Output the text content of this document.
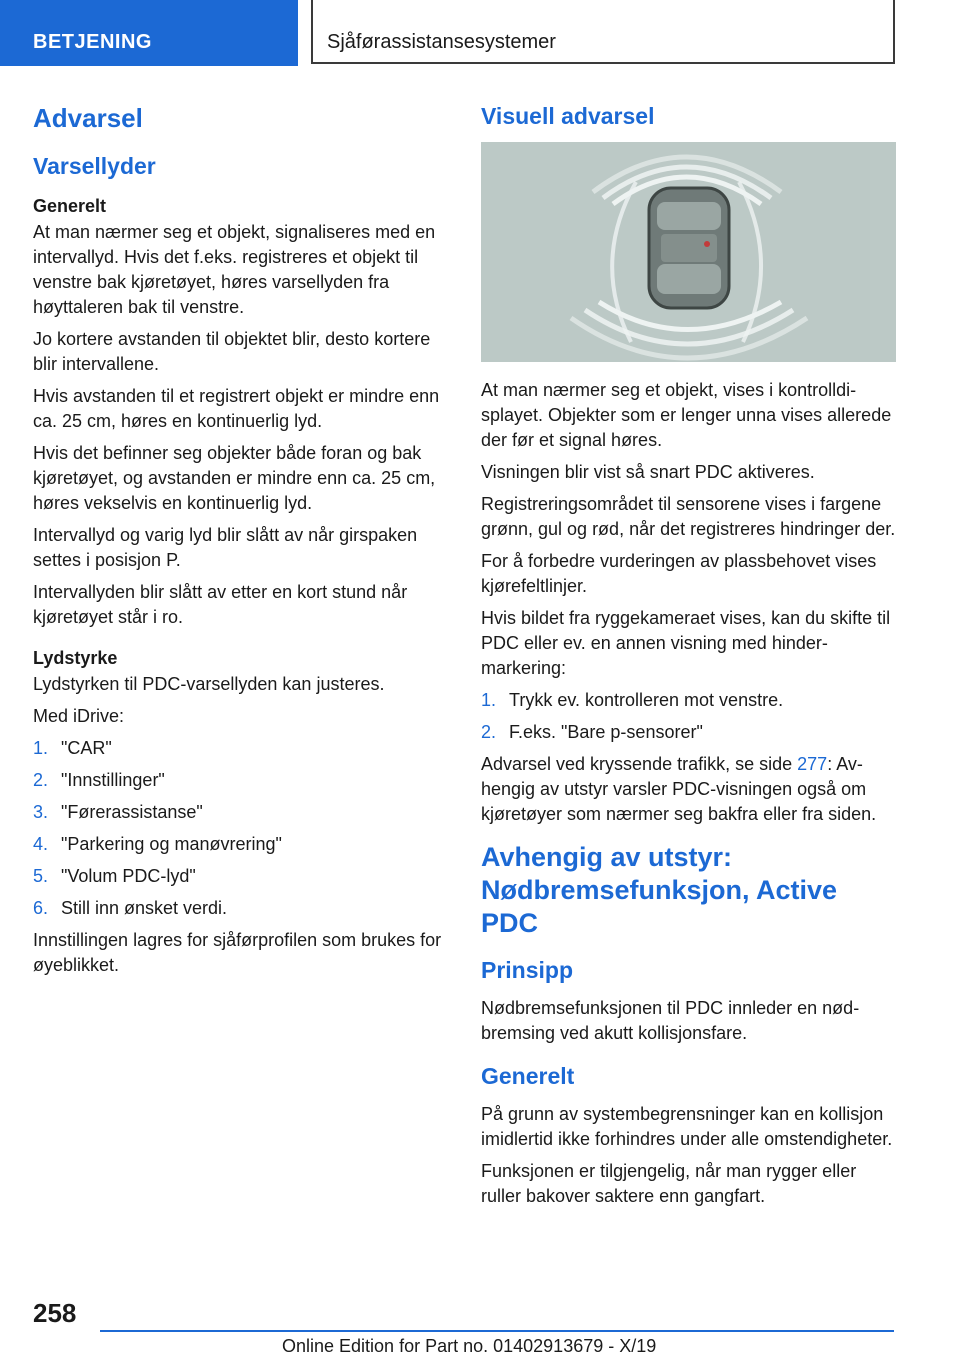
BETJENING	Sjåførassistansesystemer
Advarsel
Varsellyder
Generelt

At man nærmer seg et objekt, signaliseres med en intervallyd. Hvis det f.eks. registreres et objekt til venstre bak kjøretøyet, høres varsellyden fra høyttaleren bak til venstre.

Jo kortere avstanden til objektet blir, desto kortere blir intervallene.

Hvis avstanden til et registrert objekt er mindre enn ca. 25 cm, høres en kontinuerlig lyd.

Hvis det befinner seg objekter både foran og bak kjøretøyet, og avstanden er mindre enn ca. 25 cm, høres vekselvis en kontinuerlig lyd.

Intervallyd og varig lyd blir slått av når girspaken settes i posisjon P.

Intervallyden blir slått av etter en kort stund når kjøretøyet står i ro.

Lydstyrke

Lydstyrken til PDC-varsellyden kan justeres.

Med iDrive:

1. "CAR"
2. "Innstillinger"
3. "Førerassistanse"
4. "Parkering og manøvrering"
5. "Volum PDC-lyd"
6. Still inn ønsket verdi.

Innstillingen lagres for sjåførprofilen som brukes for øyeblikket.

Visuell advarsel

At man nærmer seg et objekt, vises i kontrolldisplayet. Objekter som er lenger unna vises allerede der før et signal høres.

Visningen blir vist så snart PDC aktiveres.

Registreringsområdet til sensorene vises i fargene grønn, gul og rød, når det registreres hindringer der.

For å forbedre vurderingen av plassbehovet vises kjørefeltlinjer.

Hvis bildet fra ryggekameraet vises, kan du skifte til PDC eller ev. en annen visning med hindermarkering:

1. Trykk ev. kontrolleren mot venstre.
2. F.eks. "Bare p-sensorer"

Advarsel ved kryssende trafikk, se side 277: Avhengig av utstyr varsler PDC-visningen også om kjøretøyer som nærmer seg bakfra eller fra siden.

Avhengig av utstyr: Nødbremsefunksjon, Active PDC
Prinsipp

Nødbremsefunksjonen til PDC innleder en nødbremsing ved akutt kollisjonsfare.

Generelt

På grunn av systembegrensninger kan en kollisjon imidlertid ikke forhindres under alle omstendigheter.

Funksjonen er tilgjengelig, når man rygger eller ruller bakover saktere enn gangfart.

258
Online Edition for Part no. 01402913679 - X/19
